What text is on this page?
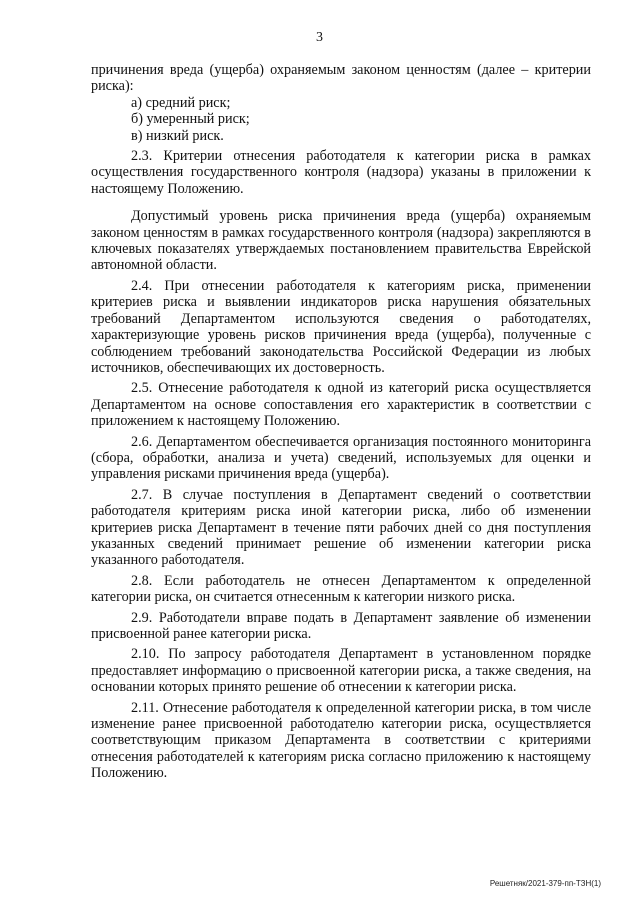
3

причинения вреда (ущерба) охраняемым законом ценностям (далее – критерии риска):

а) средний риск;

б) умеренный риск;

в) низкий риск.

2.3. Критерии отнесения работодателя к категории риска в рамках осуществления государственного контроля (надзора) указаны в приложении к настоящему Положению.

Допустимый уровень риска причинения вреда (ущерба) охраняемым законом ценностям в рамках государственного контроля (надзора) закрепляются в ключевых показателях утверждаемых постановлением правительства Еврейской автономной области.

2.4. При отнесении работодателя к категориям риска, применении критериев риска и выявлении индикаторов риска нарушения обязательных требований Департаментом используются сведения о работодателях, характеризующие уровень рисков причинения вреда (ущерба), полученные с соблюдением требований законодательства Российской Федерации из любых источников, обеспечивающих их достоверность.

2.5. Отнесение работодателя к одной из категорий риска осуществляется Департаментом на основе сопоставления его характеристик в соответствии с приложением к настоящему Положению.

2.6. Департаментом обеспечивается организация постоянного мониторинга (сбора, обработки, анализа и учета) сведений, используемых для оценки и управления рисками причинения вреда (ущерба).

2.7. В случае поступления в Департамент сведений о соответствии работодателя критериям риска иной категории риска, либо об изменении критериев риска Департамент в течение пяти рабочих дней со дня поступления указанных сведений принимает решение об изменении категории риска указанного работодателя.

2.8. Если работодатель не отнесен Департаментом к определенной категории риска, он считается отнесенным к категории низкого риска.

2.9. Работодатели вправе подать в Департамент заявление об изменении присвоенной ранее категории риска.

2.10. По запросу работодателя Департамент в установленном порядке предоставляет информацию о присвоенной категории риска, а также сведения, на основании которых принято решение об отнесении к категории риска.

2.11. Отнесение работодателя к определенной категории риска, в том числе изменение ранее присвоенной работодателю категории риска, осуществляется соответствующим приказом Департамента в соответствии с критериями отнесения работодателей к категориям риска согласно приложению к настоящему Положению.

Решетняк/2021-379-пп-ТЗН(1)
